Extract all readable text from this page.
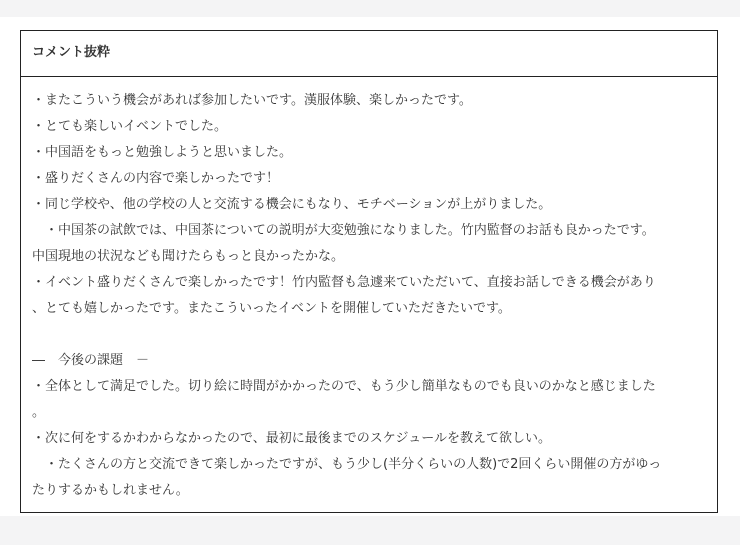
コメント抜粋
・またこういう機会があれば参加したいです。漢服体験、楽しかったです。
・とても楽しいイベントでした。
・中国語をもっと勉強しようと思いました。
・盛りだくさんの内容で楽しかったです！
・同じ学校や、他の学校の人と交流する機会にもなり、モチベーションが上がりました。
　・中国茶の試飲では、中国茶についての説明が大変勉強になりました。竹内監督のお話も良かったです。
中国現地の状況なども聞けたらもっと良かったかな。
・イベント盛りだくさんで楽しかったです！竹内監督も急遽来ていただいて、直接お話しできる機会があり
、とても嬉しかったです。またこういったイベントを開催していただきたいです。
―　今後の課題　－
・全体として満足でした。切り絵に時間がかかったので、もう少し簡単なものでも良いのかなと感じました
。
・次に何をするかわからなかったので、最初に最後までのスケジュールを教えて欲しい。
　・たくさんの方と交流できて楽しかったですが、もう少し(半分くらいの人数)で2回くらい開催の方がゆっ
たりするかもしれません。
